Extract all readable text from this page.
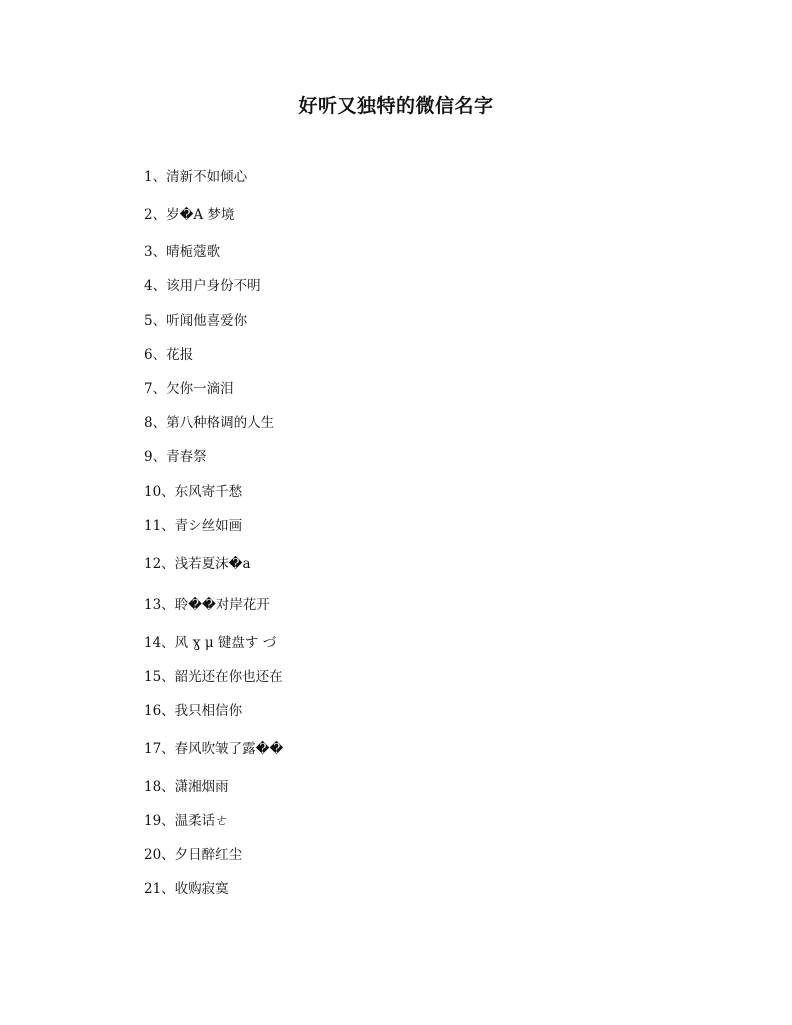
好听又独特的微信名字
1、清新不如倾心
2、岁�A 梦境
3、晴栀蔻歌
4、该用户身份不明
5、听闻他喜爱你
6、花报
7、欠你一滴泪
8、第八种格调的人生
9、青春祭
10、东风寄千愁
11、青シ丝如画
12、浅若夏沫�a
13、聆��对岸花开
14、风 ɣ μ 键盘す づ
15、韶光还在你也还在
16、我只相信你
17、春风吹皱了露��
18、潇湘烟雨
19、温柔话ㄜ
20、夕日醉红尘
21、收购寂寞
